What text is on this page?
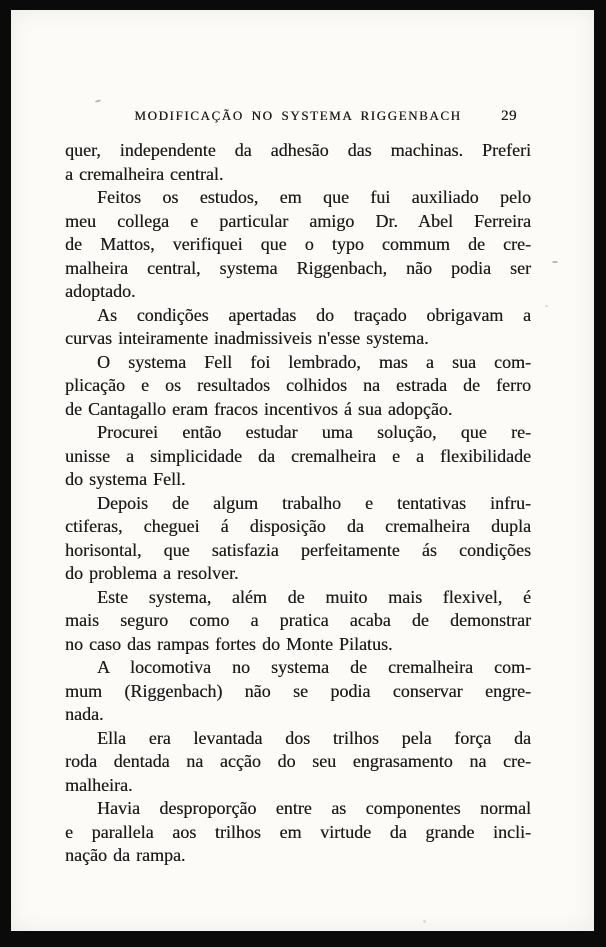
MODIFICAÇÃO NO SYSTEMA RIGGENBACH	29
quer, independente da adhesão das machinas. Preferi
a cremalheira central.
Feitos os estudos, em que fui auxiliado pelo
meu collega e particular amigo Dr. Abel Ferreira
de Mattos, verifiquei que o typo commum de cre-
malheira central, systema Riggenbach, não podia ser
adoptado.
As condições apertadas do traçado obrigavam a
curvas inteiramente inadmissiveis n'esse systema.
O systema Fell foi lembrado, mas a sua com-
plicação e os resultados colhidos na estrada de ferro
de Cantagallo eram fracos incentivos á sua adopção.
Procurei então estudar uma solução, que re-
unisse a simplicidade da cremalheira e a flexibilidade
do systema Fell.
Depois de algum trabalho e tentativas infru-
ctiferas, cheguei á disposição da cremalheira dupla
horisontal, que satisfazia perfeitamente ás condições
do problema a resolver.
Este systema, além de muito mais flexivel, é
mais seguro como a pratica acaba de demonstrar
no caso das rampas fortes do Monte Pilatus.
A locomotiva no systema de cremalheira com-
mum (Riggenbach) não se podia conservar engre-
nada.
Ella era levantada dos trilhos pela força da
roda dentada na acção do seu engrasamento na cre-
malheira.
Havia desproporção entre as componentes normal
e parallela aos trilhos em virtude da grande incli-
nação da rampa.
